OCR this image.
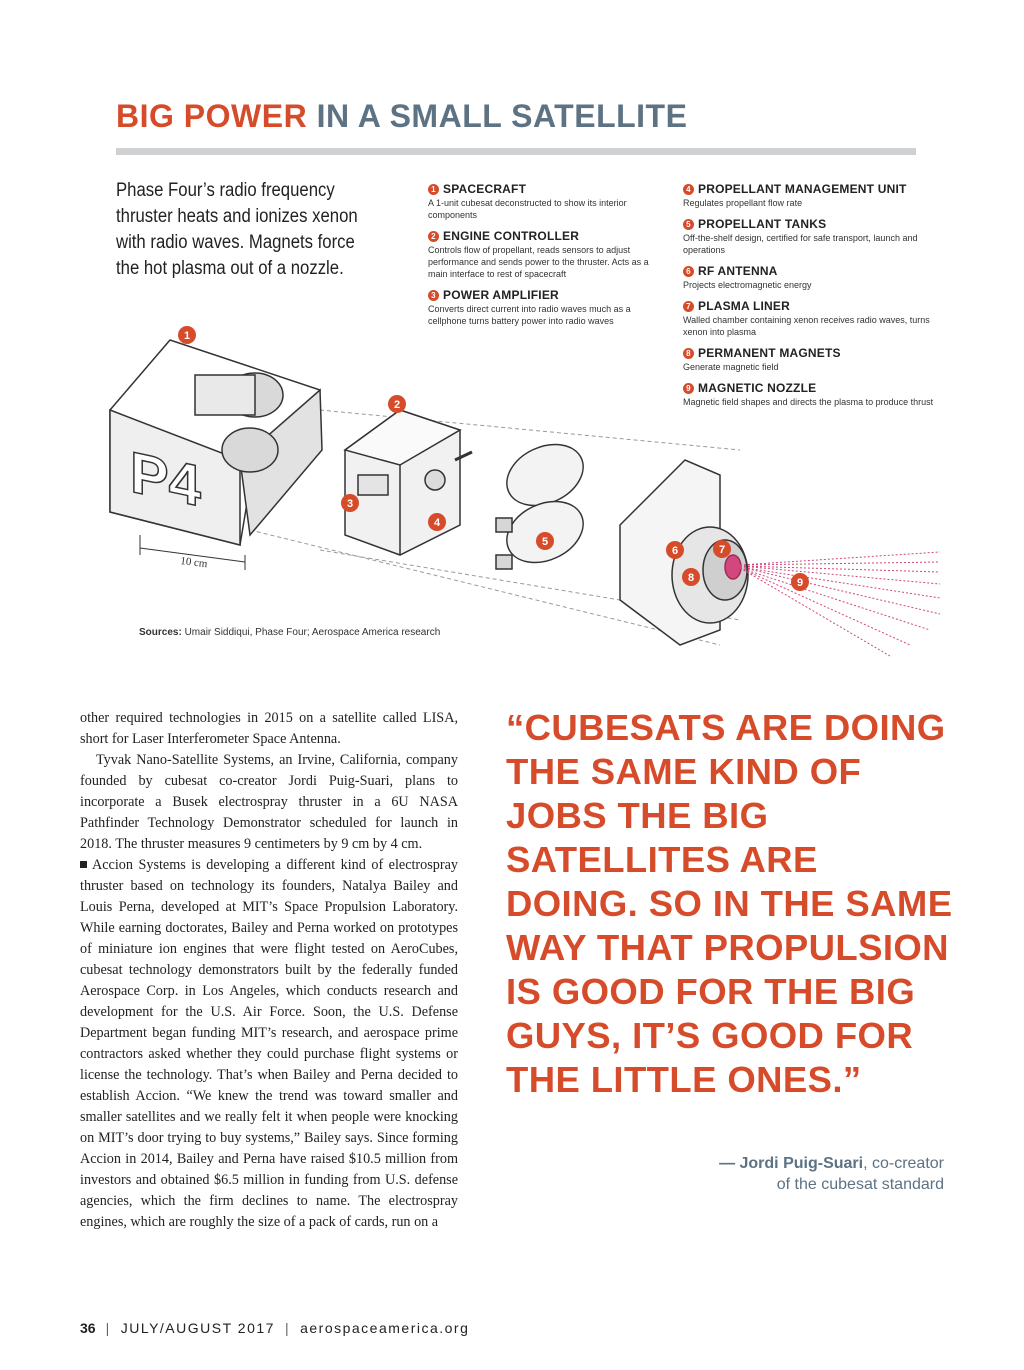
BIG POWER IN A SMALL SATELLITE
Phase Four’s radio frequency thruster heats and ionizes xenon with radio waves. Magnets force the hot plasma out of a nozzle.
1 SPACECRAFT
A 1-unit cubesat deconstructed to show its interior components
2 ENGINE CONTROLLER
Controls flow of propellant, reads sensors to adjust performance and sends power to the thruster. Acts as a main interface to rest of spacecraft
3 POWER AMPLIFIER
Converts direct current into radio waves much as a cellphone turns battery power into radio waves
4 PROPELLANT MANAGEMENT UNIT
Regulates propellant flow rate
5 PROPELLANT TANKS
Off-the-shelf design, certified for safe transport, launch and operations
6 RF ANTENNA
Projects electromagnetic energy
7 PLASMA LINER
Walled chamber containing xenon receives radio waves, turns xenon into plasma
8 PERMANENT MAGNETS
Generate magnetic field
9 MAGNETIC NOZZLE
Magnetic field shapes and directs the plasma to produce thrust
P4
10 cm
1
2
3
4
5
6	7
8	9
Sources: Umair Siddiqui, Phase Four; Aerospace America research

other required technologies in 2015 on a satellite called LISA, short for Laser Interferometer Space Antenna.

Tyvak Nano-Satellite Systems, an Irvine, California, company founded by cubesat co-creator Jordi Puig-Suari, plans to incorporate a Busek electrospray thruster in a 6U NASA Pathfinder Technology Demonstrator scheduled for launch in 2018. The thruster measures 9 centimeters by 9 cm by 4 cm.

Accion Systems is developing a different kind of electrospray thruster based on technology its founders, Natalya Bailey and Louis Perna, developed at MIT’s Space Propulsion Laboratory. While earning doctorates, Bailey and Perna worked on prototypes of miniature ion engines that were flight tested on AeroCubes, cubesat technology demonstrators built by the federally funded Aerospace Corp. in Los Angeles, which conducts research and development for the U.S. Air Force. Soon, the U.S. Defense Department began funding MIT’s research, and aerospace prime contractors asked whether they could purchase flight systems or license the technology. That’s when Bailey and Perna decided to establish Accion. “We knew the trend was toward smaller and smaller satellites and we really felt it when people were knocking on MIT’s door trying to buy systems,” Bailey says. Since forming Accion in 2014, Bailey and Perna have raised $10.5 million from investors and obtained $6.5 million in funding from U.S. defense agencies, which the firm declines to name. The electrospray engines, which are roughly the size of a pack of cards, run on a

“CUBESATS ARE DOING THE SAME KIND OF JOBS THE BIG SATELLITES ARE DOING. SO IN THE SAME WAY THAT PROPULSION IS GOOD FOR THE BIG GUYS, IT’S GOOD FOR THE LITTLE ONES.”

— Jordi Puig-Suari, co-creator
of the cubesat standard
36 | JULY/AUGUST 2017 | aerospaceamerica.org
